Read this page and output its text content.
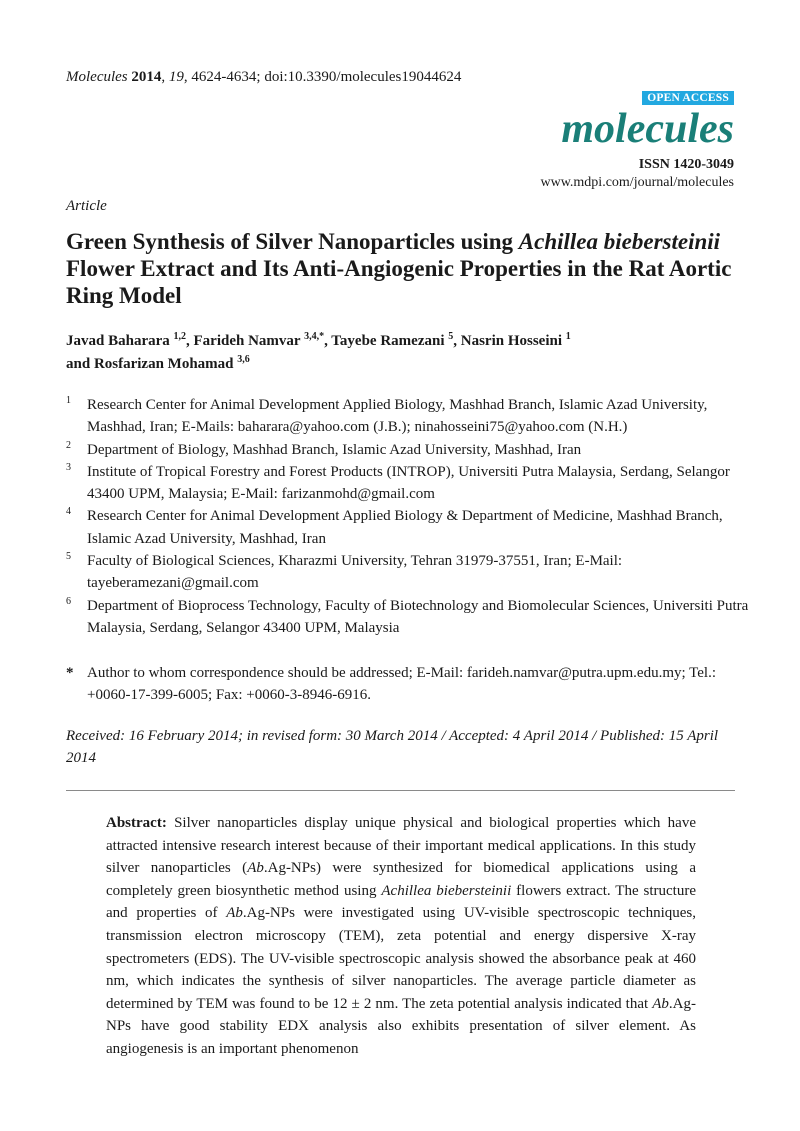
Molecules 2014, 19, 4624-4634; doi:10.3390/molecules19044624
OPEN ACCESS
molecules
ISSN 1420-3049
www.mdpi.com/journal/molecules
Article
Green Synthesis of Silver Nanoparticles using Achillea biebersteinii Flower Extract and Its Anti-Angiogenic Properties in the Rat Aortic Ring Model
Javad Baharara $^{1,2}$, Farideh Namvar $^{3,4,*}$, Tayebe Ramezani $^5$, Nasrin Hosseini $^1$
and Rosfarizan Mohamad $^{3,6}$
1 Research Center for Animal Development Applied Biology, Mashhad Branch, Islamic Azad University, Mashhad, Iran; E-Mails: baharara@yahoo.com (J.B.); ninahosseini75@yahoo.com (N.H.)
2 Department of Biology, Mashhad Branch, Islamic Azad University, Mashhad, Iran
3 Institute of Tropical Forestry and Forest Products (INTROP), Universiti Putra Malaysia, Serdang, Selangor 43400 UPM, Malaysia; E-Mail: farizanmohd@gmail.com
4 Research Center for Animal Development Applied Biology & Department of Medicine, Mashhad Branch, Islamic Azad University, Mashhad, Iran
5 Faculty of Biological Sciences, Kharazmi University, Tehran 31979-37551, Iran; E-Mail: tayeberamezani@gmail.com
6 Department of Bioprocess Technology, Faculty of Biotechnology and Biomolecular Sciences, Universiti Putra Malaysia, Serdang, Selangor 43400 UPM, Malaysia
* Author to whom correspondence should be addressed; E-Mail: farideh.namvar@putra.upm.edu.my; Tel.: +0060-17-399-6005; Fax: +0060-3-8946-6916.
Received: 16 February 2014; in revised form: 30 March 2014 / Accepted: 4 April 2014 / Published: 15 April 2014
Abstract: Silver nanoparticles display unique physical and biological properties which have attracted intensive research interest because of their important medical applications. In this study silver nanoparticles (Ab.Ag-NPs) were synthesized for biomedical applications using a completely green biosynthetic method using Achillea biebersteinii flowers extract. The structure and properties of Ab.Ag-NPs were investigated using UV-visible spectroscopic techniques, transmission electron microscopy (TEM), zeta potential and energy dispersive X-ray spectrometers (EDS). The UV-visible spectroscopic analysis showed the absorbance peak at 460 nm, which indicates the synthesis of silver nanoparticles. The average particle diameter as determined by TEM was found to be 12 ± 2 nm. The zeta potential analysis indicated that Ab.Ag-NPs have good stability EDX analysis also exhibits presentation of silver element. As angiogenesis is an important phenomenon
